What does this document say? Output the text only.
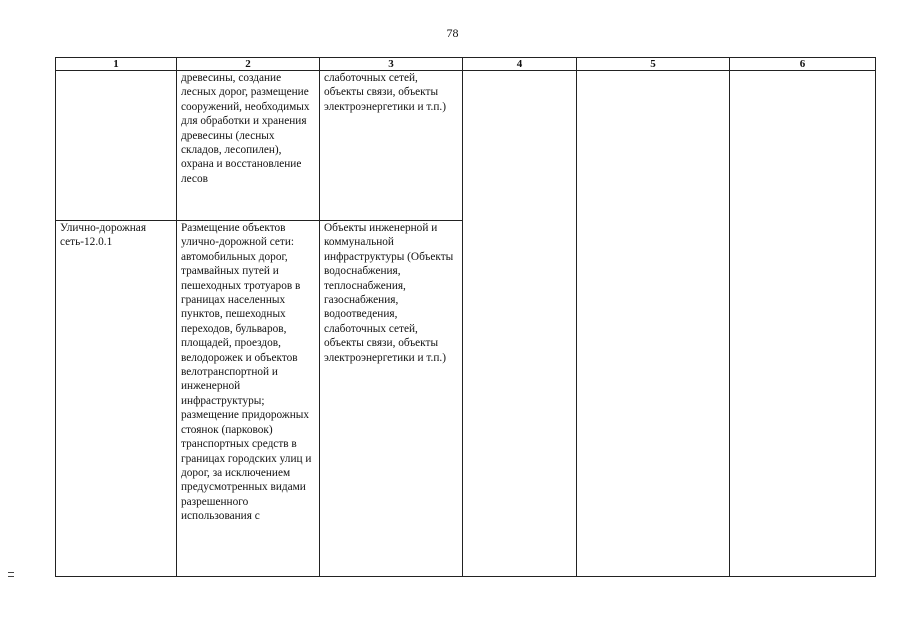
78
1	2	3	4	5	6

	древесины, создание лесных дорог, размещение сооружений, необходимых для обработки и хранения древесины (лесных складов, лесопилен), охрана и восстановление лесов	слаботочных сетей, объекты связи, объекты электроэнергетики и т.п.)			

Улично-дорожная сеть-12.0.1	Размещение объектов улично-дорожной сети: автомобильных дорог, трамвайных путей и пешеходных тротуаров в границах населенных пунктов, пешеходных переходов, бульваров, площадей, проездов, велодорожек и объектов велотранспортной и инженерной инфраструктуры; размещение придорожных стоянок (парковок) транспортных средств в границах городских улиц и дорог, за исключением предусмотренных видами разрешенного использования с	Объекты инженерной и коммунальной инфраструктуры (Объекты водоснабжения, теплоснабжения, газоснабжения, водоотведения, слаботочных сетей, объекты связи, объекты электроэнергетики и т.п.)			
